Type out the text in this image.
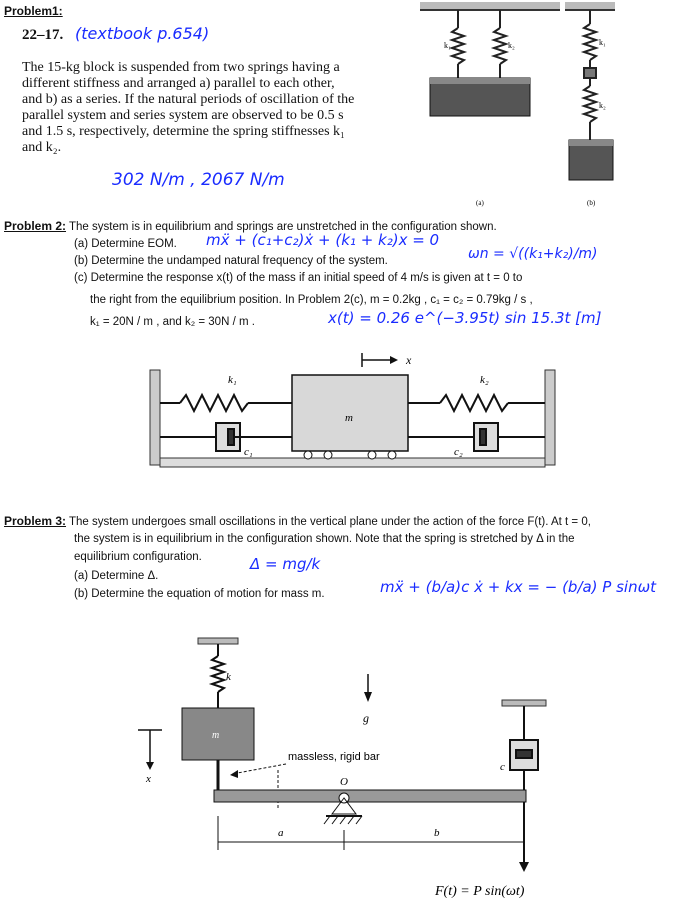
Problem1:
22–17. (textbook p.654)
The 15-kg block is suspended from two springs having a
different stiffness and arranged a) parallel to each other,
and b) as a series. If the natural periods of oscillation of the
parallel system and series system are observed to be 0.5 s
and 1.5 s, respectively, determine the spring stiffnesses k₁
and k₂.
302 N/m , 2067 N/m
k₁	k₂
(a)
k₁
k₂
(b)
Problem 2: The system is in equilibrium and springs are unstretched in the configuration shown.
(a) Determine EOM. mẍ + (c₁+c₂)ẋ + (k₁ + k₂)x = 0
(b) Determine the undamped natural frequency of the system.	ωn = √((k₁+k₂)/m)
(c) Determine the response x(t) of the mass if an initial speed of 4 m/s is given at t = 0 to
the right from the equilibrium position. In Problem 2(c), m = 0.2kg , c₁ = c₂ = 0.79kg / s ,
k₁ = 20N / m , and k₂ = 30N / m .	x(t) = 0.26 e^(−3.95t) sin 15.3t [m]
x
m
k₁	k₂
c₁	c₂
Problem 3: The system undergoes small oscillations in the vertical plane under the action of the force F(t). At t = 0,
the system is in equilibrium in the configuration shown. Note that the spring is stretched by Δ in the
equilibrium configuration.
(a) Determine Δ.
Δ = mg/k
(b) Determine the equation of motion for mass m.	mẍ + (b/a)c ẋ + kx = − (b/a) P sinωt
k
m
x
g
massless, rigid bar
O
c
a	b
F(t) = P sin(ωt)
